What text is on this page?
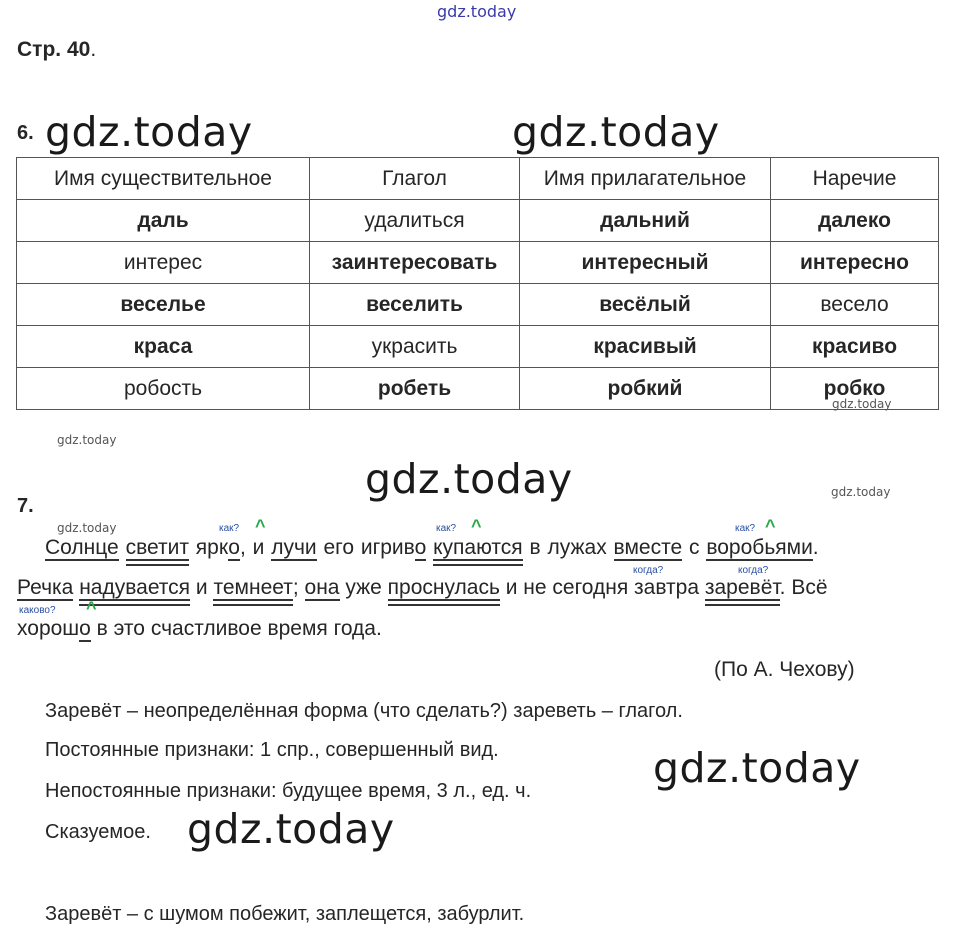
gdz.today
Стр. 40.
6. gdz.today	gdz.today
Имя существительное	Глагол	Имя прилагательное	Наречие
даль	удалиться	дальний	далеко
интерес	заинтересовать	интересный	интересно
веселье	веселить	весёлый	весело
краса	украсить	красивый	красиво
робость	робеть	робкий	робко
gdz.today
gdz.today
gdz.today	gdz.today
7.
gdz.today	как? ^	как? ^	как? ^
Солнце светит ярко, и лучи его игриво купаются в лужах вместе с воробьями.
когда?	когда?
Речка надувается и темнеет; она уже проснулась и не сегодня завтра заревёт. Всё
каково? ^
хорошо в это счастливое время года.
(По А. Чехову)
Заревёт – неопределённая форма (что сделать?) зареветь – глагол.
Постоянные признаки: 1 спр., совершенный вид.	gdz.today
Непостоянные признаки: будущее время, 3 л., ед. ч.
Сказуемое. gdz.today
Заревёт – с шумом побежит, заплещется, забурлит.
